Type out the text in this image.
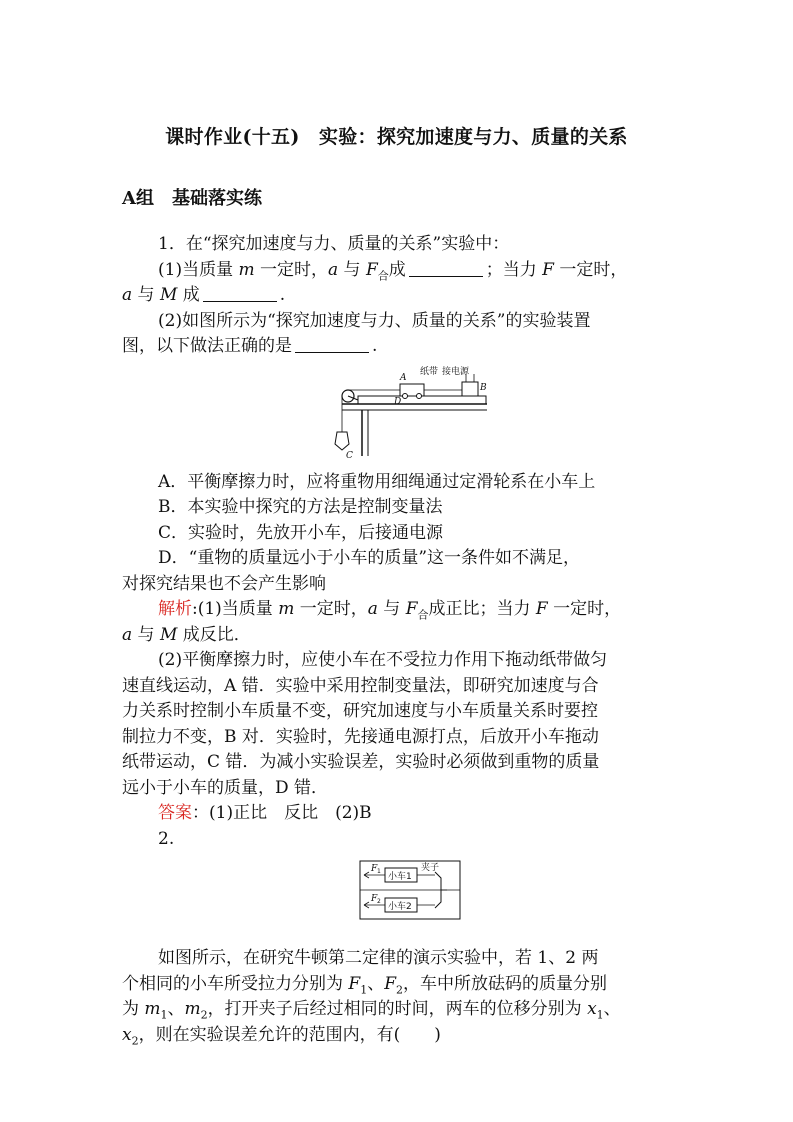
课时作业(十五)　实验：探究加速度与力、质量的关系
A组　基础落实练
1．在“探究加速度与力、质量的关系”实验中：
(1)当质量 m 一定时，a 与 $F_合$成	；当力 F 一定时，
a 与 M 成	.
(2)如图所示为“探究加速度与力、质量的关系”的实验装置
图，以下做法正确的是	.
A
纸带 接电源
B
D
C
A．平衡摩擦力时，应将重物用细绳通过定滑轮系在小车上
B．本实验中探究的方法是控制变量法
C．实验时，先放开小车，后接通电源
D．“重物的质量远小于小车的质量”这一条件如不满足，
对探究结果也不会产生影响
解析:(1)当质量 m 一定时，a 与 $F_合$成正比；当力 F 一定时，
a 与 M 成反比．
(2)平衡摩擦力时，应使小车在不受拉力作用下拖动纸带做匀
速直线运动，A 错．实验中采用控制变量法，即研究加速度与合
力关系时控制小车质量不变，研究加速度与小车质量关系时要控
制拉力不变，B 对．实验时，先接通电源打点，后放开小车拖动
纸带运动，C 错．为减小实验误差，实验时必须做到重物的质量
远小于小车的质量，D 错．
答案：(1)正比　反比　(2)B
2.
小车1
小车2
夹子
F 1
F 2
如图所示，在研究牛顿第二定律的演示实验中，若 1、2 两
个相同的小车所受拉力分别为 $F_1$、$F_2$，车中所放砝码的质量分别
为 $m_1$、$m_2$，打开夹子后经过相同的时间，两车的位移分别为 $x_1$、
$x_2$，则在实验误差允许的范围内，有(　　)
